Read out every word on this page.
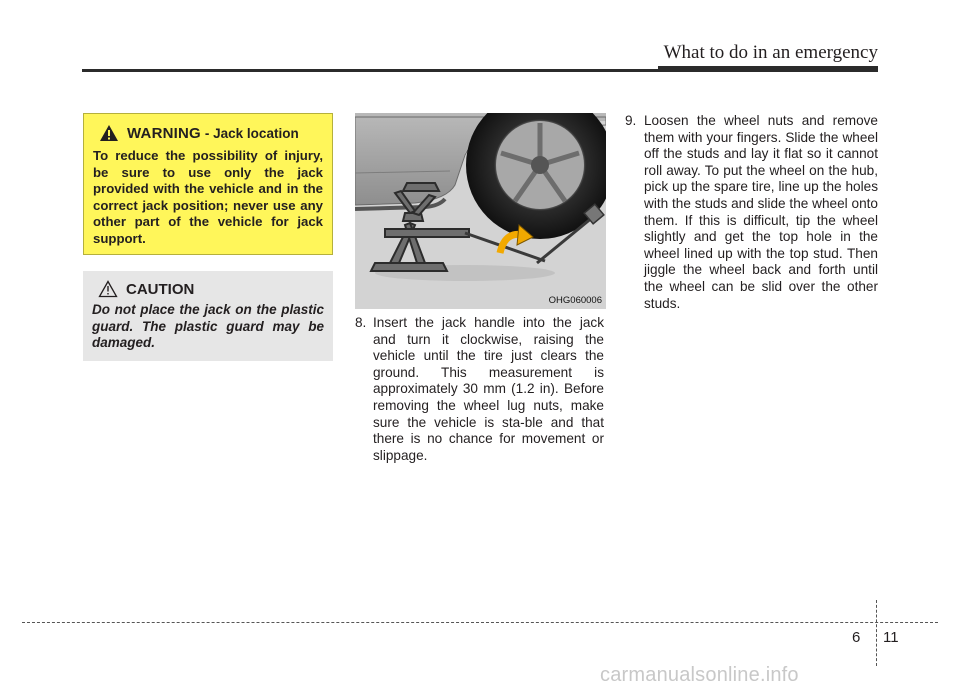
What to do in an emergency
WARNING - Jack location
To reduce the possibility of injury, be sure to use only the jack provided with the vehicle and in the correct jack position; never use any other part of the vehicle for jack support.
CAUTION
Do not place the jack on the plastic guard. The plastic guard may be damaged.
OHG060006
8. Insert the jack handle into the jack and turn it clockwise, raising the vehicle until the tire just clears the ground. This measurement is approximately 30 mm (1.2 in). Before removing the wheel lug nuts, make sure the vehicle is sta-ble and that there is no chance for movement or slippage.
9. Loosen the wheel nuts and remove them with your fingers. Slide the wheel off the studs and lay it flat so it cannot roll away. To put the wheel on the hub, pick up the spare tire, line up the holes with the studs and slide the wheel onto them. If this is difficult, tip the wheel slightly and get the top hole in the wheel lined up with the top stud. Then jiggle the wheel back and forth until the wheel can be slid over the other studs.
6 11
carmanualsonline.info
